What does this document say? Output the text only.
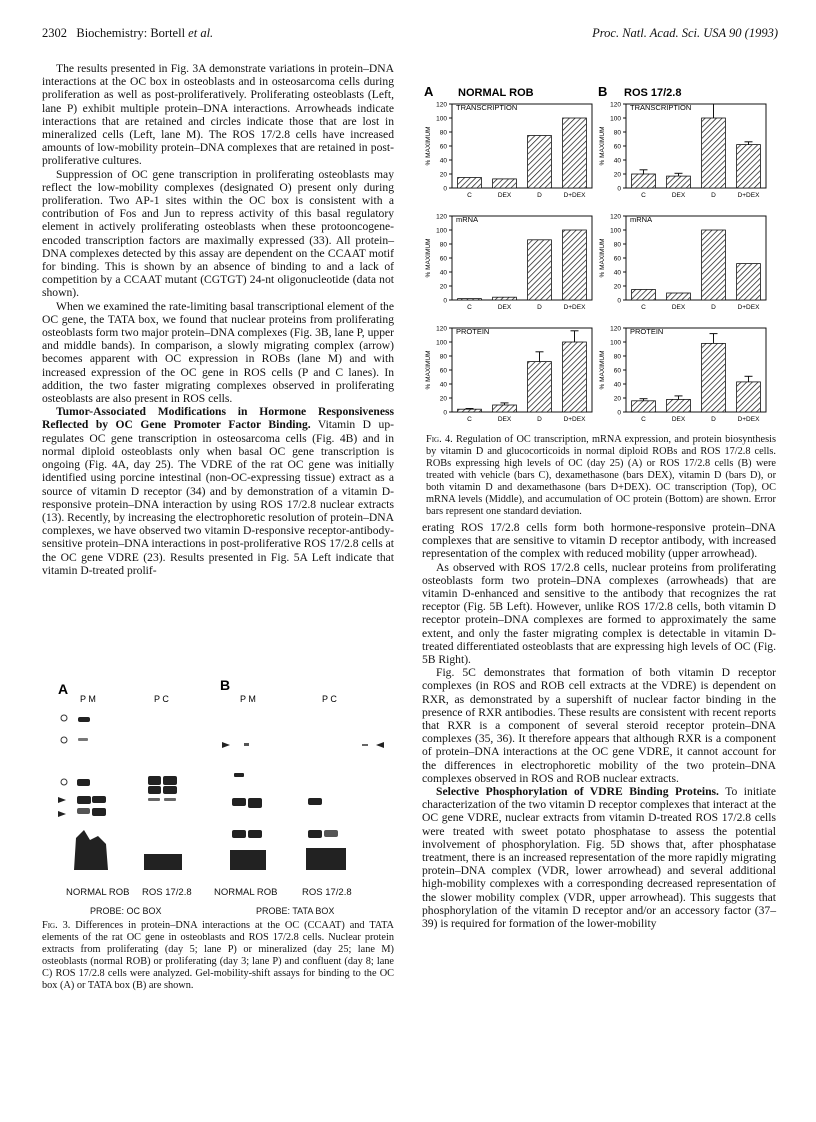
2302 Biochemistry: Bortell et al.	Proc. Natl. Acad. Sci. USA 90 (1993)

The results presented in Fig. 3A demonstrate variations in protein–DNA interactions at the OC box in osteoblasts and in osteosarcoma cells during proliferation as well as post-proliferatively. Proliferating osteoblasts (Left, lane P) exhibit multiple protein–DNA interactions. Arrowheads indicate interactions that are retained and circles indicate those that are lost in mineralized cells (Left, lane M). The ROS 17/2.8 cells have increased amounts of low-mobility protein–DNA complexes that are retained in post-proliferative cultures.

Suppression of OC gene transcription in proliferating osteoblasts may reflect the low-mobility complexes (designated O) present only during proliferation. Two AP-1 sites within the OC box is consistent with a contribution of Fos and Jun to repress activity of this basal regulatory element in actively proliferating osteoblasts when these protooncogene-encoded transcription factors are maximally expressed (33). All protein–DNA complexes detected by this assay are dependent on the CCAAT motif for binding. This is shown by an absence of binding to and a lack of competition by a CCAAT mutant (CGTGT) 24-nt oligonucleotide (data not shown).

When we examined the rate-limiting basal transcriptional element of the OC gene, the TATA box, we found that nuclear proteins from proliferating osteoblasts form two major protein–DNA complexes (Fig. 3B, lane P, upper and middle bands). In comparison, a slowly migrating complex (arrow) becomes apparent with OC expression in ROBs (lane M) and with increased expression of the OC gene in ROS cells (P and C lanes). In addition, the two faster migrating complexes observed in proliferating osteoblasts are also present in ROS cells.

Tumor-Associated Modifications in Hormone Responsiveness Reflected by OC Gene Promoter Factor Binding. Vitamin D up-regulates OC gene transcription in osteosarcoma cells (Fig. 4B) and in normal diploid osteoblasts only when basal OC gene transcription is ongoing (Fig. 4A, day 25). The VDRE of the rat OC gene was initially identified using porcine intestinal (non-OC-expressing tissue) extract as a source of vitamin D receptor (34) and by demonstration of a vitamin D-responsive protein–DNA interaction by using ROS 17/2.8 nuclear extracts (13). Recently, by increasing the electrophoretic resolution of protein–DNA complexes, we have observed two vitamin D-responsive receptor-antibody-sensitive protein–DNA interactions in post-proliferative ROS 17/2.8 cells at the OC gene VDRE (23). Results presented in Fig. 5A Left indicate that vitamin D-treated prolif-

A	B
P M	P C	P M	P C
NORMAL ROB ROS 17/2.8 NORMAL ROB	ROS 17/2.8
PROBE: OC BOX	PROBE: TATA BOX
Fig. 3. Differences in protein–DNA interactions at the OC (CCAAT) and TATA elements of the rat OC gene in osteoblasts and ROS 17/2.8 cells. Nuclear protein extracts from proliferating (day 5; lane P) or mineralized (day 25; lane M) osteoblasts (normal ROB) or proliferating (day 3; lane P) and confluent (day 8; lane C) ROS 17/2.8 cells were analyzed. Gel-mobility-shift assays for binding to the OC box (A) or TATA box (B) are shown.
A NORMAL ROB	B ROS 17/2.8
TRANSCRIPTION
0
20
40
60
80
100
120
% MAXIMUM
C	DEX	D	D+DEX
mRNA
0
20
40
60
80
100
120
% MAXIMUM
C	DEX	D	D+DEX
PROTEIN
0
20
40
60
80
100
120
% MAXIMUM
C	DEX	D	D+DEX
TRANSCRIPTION
0
20
40
60
80
100
120
% MAXIMUM
C	DEX	D	D+DEX
mRNA
0
20
40
60
80
100
120
% MAXIMUM
C	DEX	D	D+DEX
PROTEIN
0
20
40
60
80
100
120
% MAXIMUM
C	DEX	D	D+DEX
Fig. 4. Regulation of OC transcription, mRNA expression, and protein biosynthesis by vitamin D and glucocorticoids in normal diploid ROBs and ROS 17/2.8 cells. ROBs expressing high levels of OC (day 25) (A) or ROS 17/2.8 cells (B) were treated with vehicle (bars C), dexamethasone (bars DEX), vitamin D (bars D), or both vitamin D and dexamethasone (bars D+DEX). OC transcription (Top), OC mRNA levels (Middle), and accumulation of OC protein (Bottom) are shown. Error bars represent one standard deviation.

erating ROS 17/2.8 cells form both hormone-responsive protein–DNA complexes that are sensitive to vitamin D receptor antibody, with increased representation of the complex with reduced mobility (upper arrowhead).

As observed with ROS 17/2.8 cells, nuclear proteins from proliferating osteoblasts form two protein–DNA complexes (arrowheads) that are vitamin D-enhanced and sensitive to the antibody that recognizes the rat receptor (Fig. 5B Left). However, unlike ROS 17/2.8 cells, both vitamin D receptor protein–DNA complexes are formed to approximately the same extent, and only the faster migrating complex is detectable in vitamin D-treated differentiated osteoblasts that are expressing high levels of OC (Fig. 5B Right).

Fig. 5C demonstrates that formation of both vitamin D receptor complexes (in ROS and ROB cell extracts at the VDRE) is dependent on RXR, as demonstrated by a supershift of nuclear factor binding in the presence of RXR antibodies. These results are consistent with recent reports that RXR is a component of several steroid receptor protein–DNA complexes (35, 36). It therefore appears that although RXR is a component of protein–DNA interactions at the OC gene VDRE, it cannot account for the differences in electrophoretic mobility of the two protein–DNA complexes observed in ROS and ROB nuclear extracts.

Selective Phosphorylation of VDRE Binding Proteins. To initiate characterization of the two vitamin D receptor complexes that interact at the OC gene VDRE, nuclear extracts from vitamin D-treated ROS 17/2.8 cells were treated with sweet potato phosphatase to assess the potential involvement of phosphorylation. Fig. 5D shows that, after phosphatase treatment, there is an increased representation of the more rapidly migrating protein–DNA complex (VDR, lower arrowhead) and several additional high-mobility complexes with a corresponding decreased representation of the slower mobility complex (VDR, upper arrowhead). This suggests that phosphorylation of the vitamin D receptor and/or an accessory factor (37–39) is required for formation of the lower-mobility
